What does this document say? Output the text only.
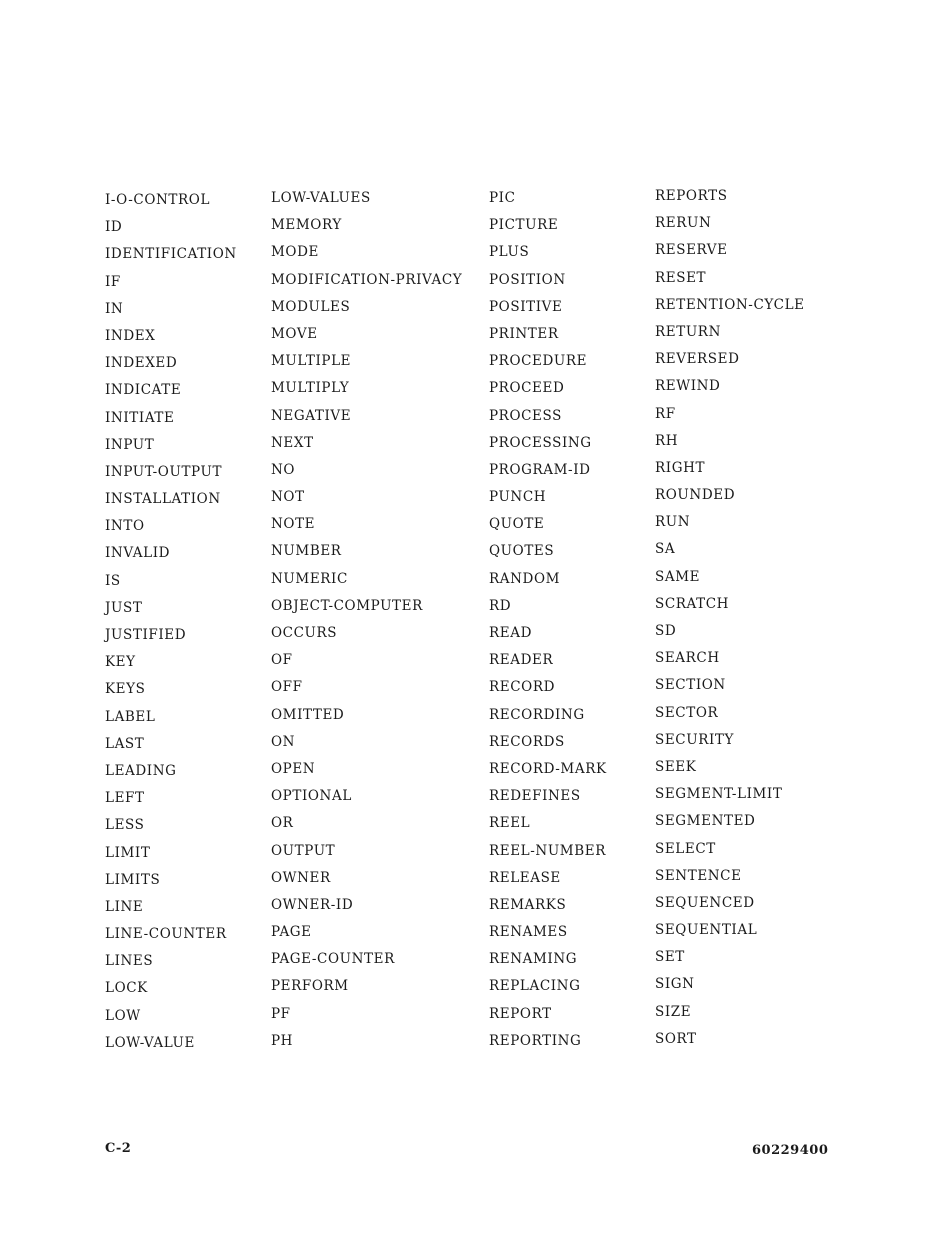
I-O-CONTROL
ID
IDENTIFICATION
IF
IN
INDEX
INDEXED
INDICATE
INITIATE
INPUT
INPUT-OUTPUT
INSTALLATION
INTO
INVALID
IS
JUST
JUSTIFIED
KEY
KEYS
LABEL
LAST
LEADING
LEFT
LESS
LIMIT
LIMITS
LINE
LINE-COUNTER
LINES
LOCK
LOW
LOW-VALUE
LOW-VALUES
MEMORY
MODE
MODIFICATION-PRIVACY
MODULES
MOVE
MULTIPLE
MULTIPLY
NEGATIVE
NEXT
NO
NOT
NOTE
NUMBER
NUMERIC
OBJECT-COMPUTER
OCCURS
OF
OFF
OMITTED
ON
OPEN
OPTIONAL
OR
OUTPUT
OWNER
OWNER-ID
PAGE
PAGE-COUNTER
PERFORM
PF
PH
PIC
PICTURE
PLUS
POSITION
POSITIVE
PRINTER
PROCEDURE
PROCEED
PROCESS
PROCESSING
PROGRAM-ID
PUNCH
QUOTE
QUOTES
RANDOM
RD
READ
READER
RECORD
RECORDING
RECORDS
RECORD-MARK
REDEFINES
REEL
REEL-NUMBER
RELEASE
REMARKS
RENAMES
RENAMING
REPLACING
REPORT
REPORTING
REPORTS
RERUN
RESERVE
RESET
RETENTION-CYCLE
RETURN
REVERSED
REWIND
RF
RH
RIGHT
ROUNDED
RUN
SA
SAME
SCRATCH
SD
SEARCH
SECTION
SECTOR
SECURITY
SEEK
SEGMENT-LIMIT
SEGMENTED
SELECT
SENTENCE
SEQUENCED
SEQUENTIAL
SET
SIGN
SIZE
SORT
C-2	60229400
